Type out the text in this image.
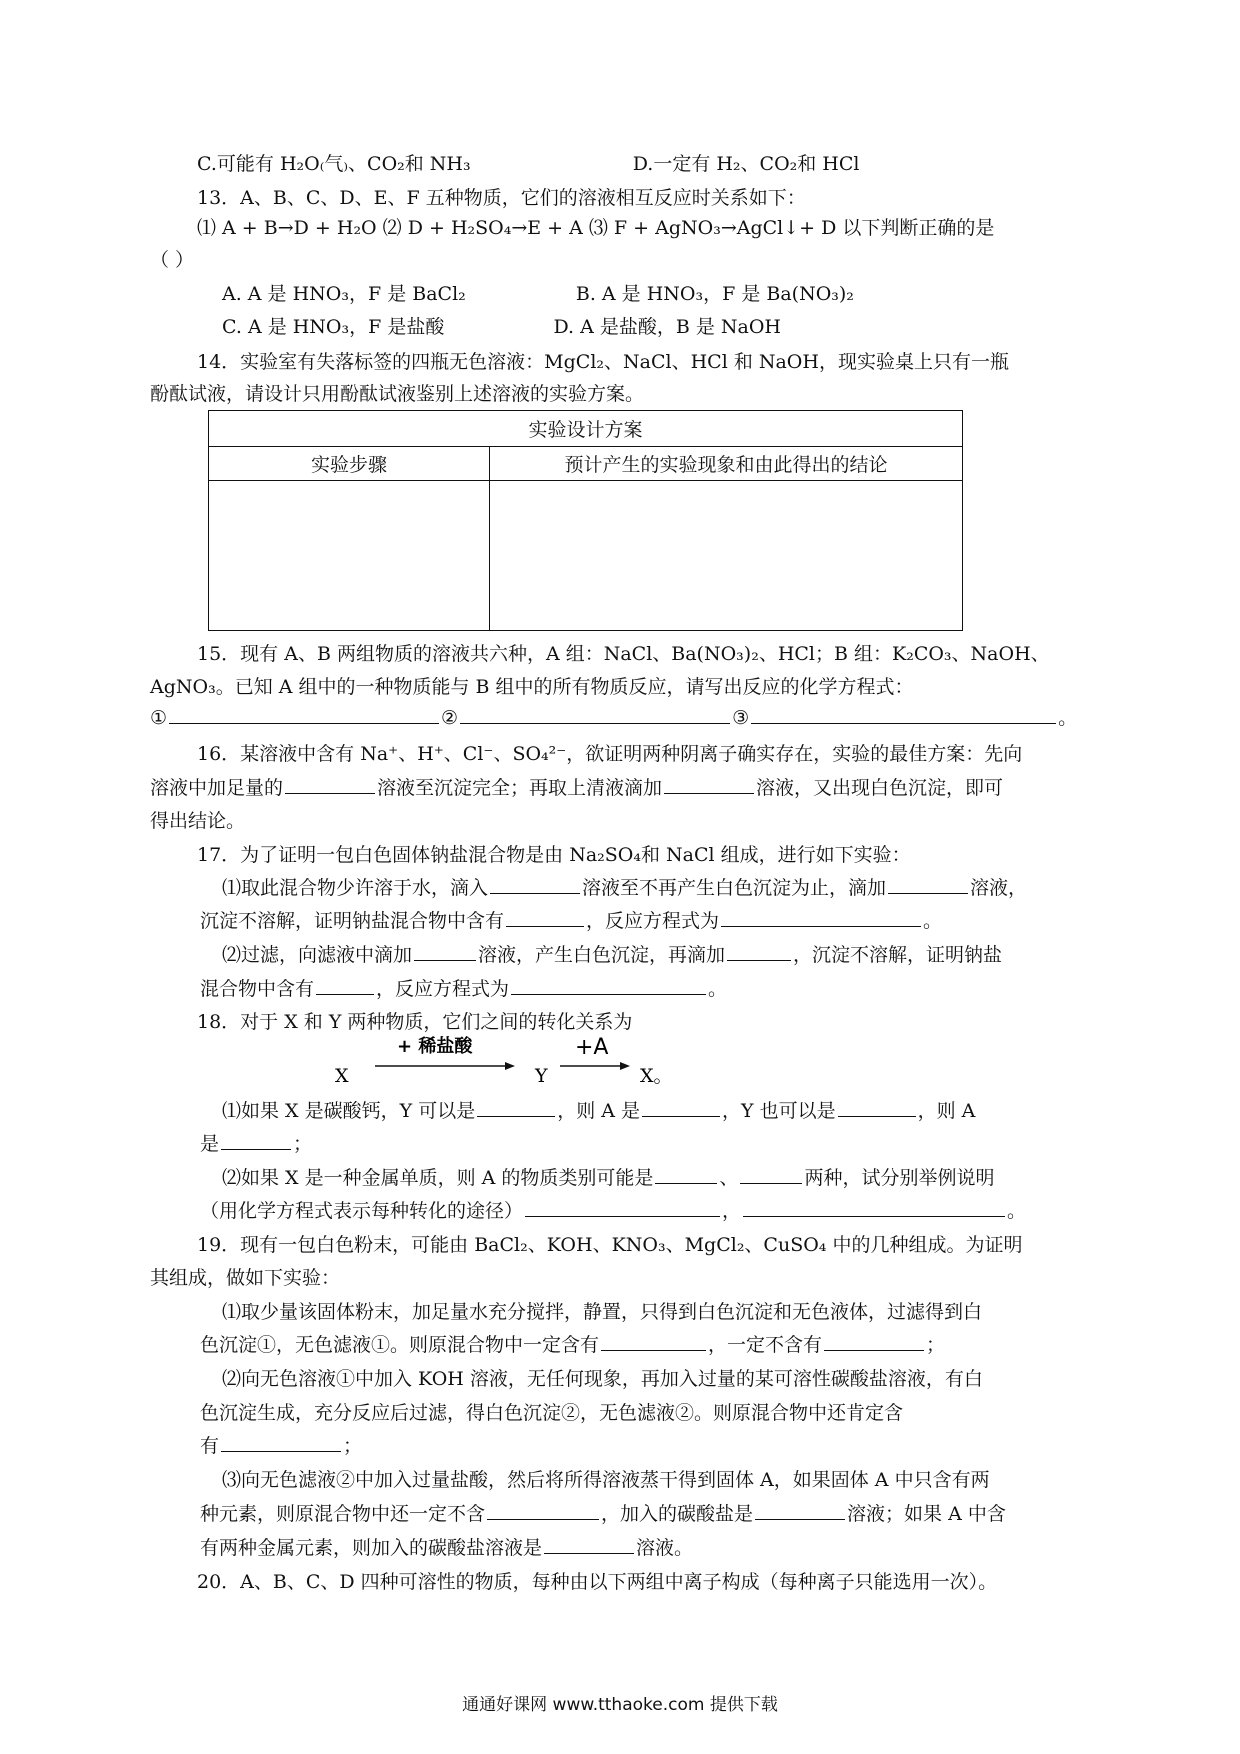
C.可能有 H₂O₍气₎、CO₂和 NH₃	D.一定有 H₂、CO₂和 HCl
13．A、B、C、D、E、F 五种物质，它们的溶液相互反应时关系如下：
⑴ A + B→D + H₂O ⑵ D + H₂SO₄→E + A ⑶ F + AgNO₃→AgCl↓+ D 以下判断正确的是
（ ）
A. A 是 HNO₃，F 是 BaCl₂	B. A 是 HNO₃，F 是 Ba(NO₃)₂
C. A 是 HNO₃，F 是盐酸	D. A 是盐酸，B 是 NaOH
14．实验室有失落标签的四瓶无色溶液：MgCl₂、NaCl、HCl 和 NaOH，现实验桌上只有一瓶
酚酞试液，请设计只用酚酞试液鉴别上述溶液的实验方案。
实验设计方案	
实验步骤	预计产生的实验现象和由此得出的结论

15．现有 A、B 两组物质的溶液共六种，A 组：NaCl、Ba(NO₃)₂、HCl；B 组：K₂CO₃、NaOH、
AgNO₃。已知 A 组中的一种物质能与 B 组中的所有物质反应，请写出反应的化学方程式：
①	②	③	。
16．某溶液中含有 Na⁺、H⁺、Cl⁻、SO₄²⁻，欲证明两种阴离子确实存在，实验的最佳方案：先向
溶液中加足量的	溶液至沉淀完全；再取上清液滴加	溶液，又出现白色沉淀，即可
得出结论。
17．为了证明一包白色固体钠盐混合物是由 Na₂SO₄和 NaCl 组成，进行如下实验：
⑴取此混合物少许溶于水，滴入	溶液至不再产生白色沉淀为止，滴加	溶液，
沉淀不溶解，证明钠盐混合物中含有	，反应方程式为	。
⑵过滤，向滤液中滴加	溶液，产生白色沉淀，再滴加	，沉淀不溶解，证明钠盐
混合物中含有	，反应方程式为	。
18．对于 X 和 Y 两种物质，它们之间的转化关系为
X
+ 稀盐酸
Y
+A
X。
⑴如果 X 是碳酸钙，Y 可以是	，则 A 是	，Y 也可以是	，则 A
是	；
⑵如果 X 是一种金属单质，则 A 的物质类别可能是	、	两种，试分别举例说明
（用化学方程式表示每种转化的途径）	，	。
19．现有一包白色粉末，可能由 BaCl₂、KOH、KNO₃、MgCl₂、CuSO₄ 中的几种组成。为证明
其组成，做如下实验：
⑴取少量该固体粉末，加足量水充分搅拌，静置，只得到白色沉淀和无色液体，过滤得到白
色沉淀①，无色滤液①。则原混合物中一定含有	，一定不含有	；
⑵向无色溶液①中加入 KOH 溶液，无任何现象，再加入过量的某可溶性碳酸盐溶液，有白
色沉淀生成，充分反应后过滤，得白色沉淀②，无色滤液②。则原混合物中还肯定含
有	；
⑶向无色滤液②中加入过量盐酸，然后将所得溶液蒸干得到固体 A，如果固体 A 中只含有两
种元素，则原混合物中还一定不含	，加入的碳酸盐是	溶液；如果 A 中含
有两种金属元素，则加入的碳酸盐溶液是	溶液。
20．A、B、C、D 四种可溶性的物质，每种由以下两组中离子构成（每种离子只能选用一次）。
通通好课网 www.tthaoke.com 提供下载
